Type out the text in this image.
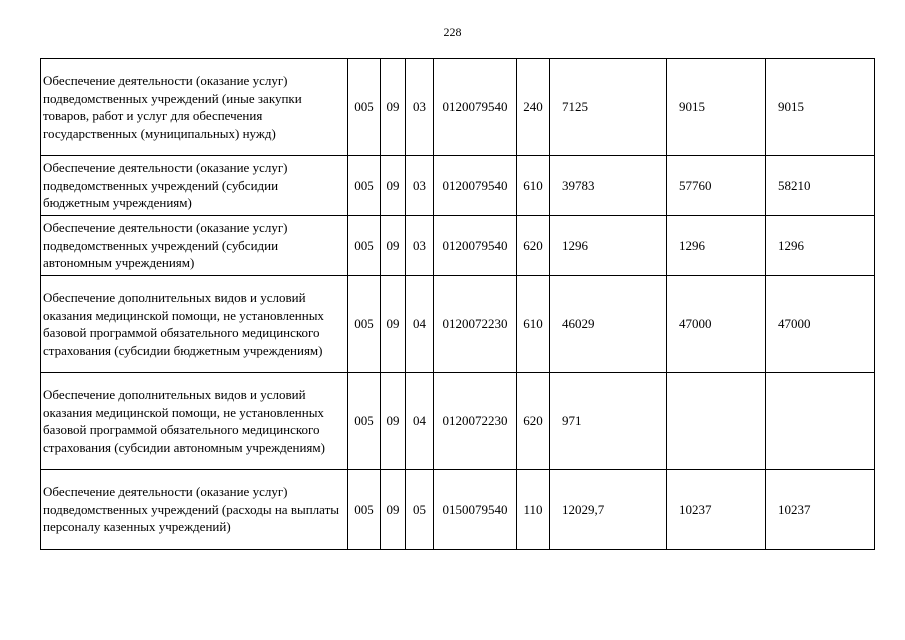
228
Обеспечение деятельности (оказание услуг) подведомственных учреждений (иные закупки товаров, работ и услуг для обеспечения государственных (муниципальных) нужд)	005	09	03	0120079540	240	7125	9015	9015
Обеспечение деятельности (оказание услуг) подведомственных учреждений (субсидии бюджетным учреждениям)	005	09	03	0120079540	610	39783	57760	58210
Обеспечение деятельности (оказание услуг) подведомственных учреждений (субсидии автономным учреждениям)	005	09	03	0120079540	620	1296	1296	1296
Обеспечение дополнительных видов и условий оказания медицинской помощи, не установленных базовой программой обязательного медицинского страхования (субсидии бюджетным учреждениям)	005	09	04	0120072230	610	46029	47000	47000
Обеспечение дополнительных видов и условий оказания медицинской помощи, не установленных базовой программой обязательного медицинского страхования (субсидии автономным учреждениям)	005	09	04	0120072230	620	971		
Обеспечение деятельности (оказание услуг) подведомственных учреждений (расходы на выплаты персоналу казенных учреждений)	005	09	05	0150079540	110	12029,7	10237	10237
